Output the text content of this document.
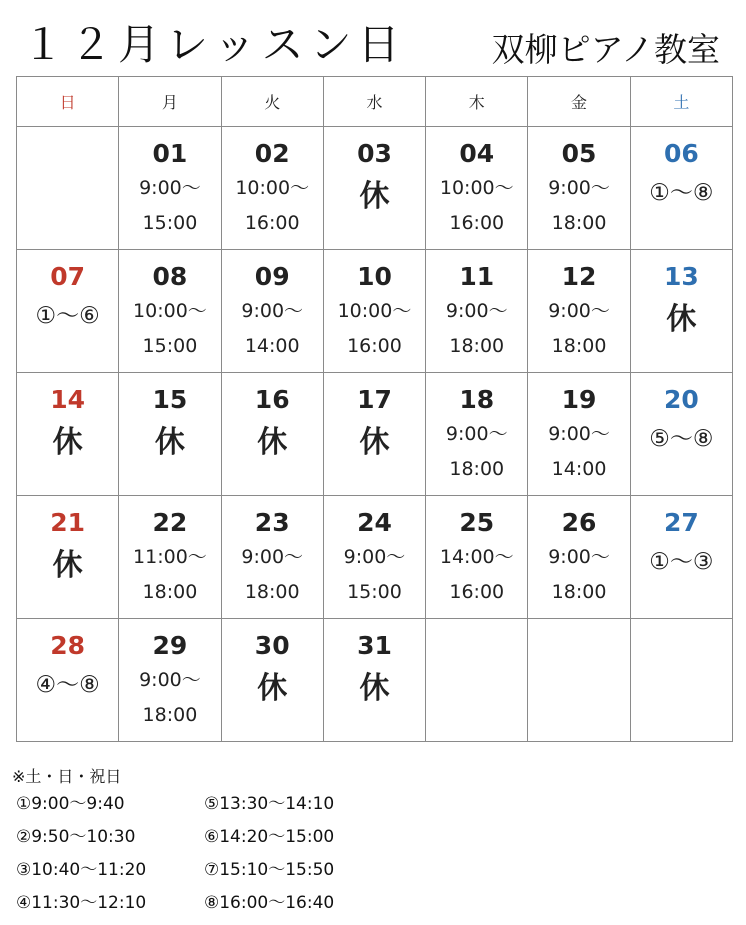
１２月レッスン日	双柳ピアノ教室
日	月	火	水	木	金	土

	01
9:00〜
15:00	02
10:00〜
16:00	03
休	04
10:00〜
16:00	05
9:00〜
18:00	06
①〜⑧

07
①〜⑥	08
10:00〜
15:00	09
9:00〜
14:00	10
10:00〜
16:00	11
9:00〜
18:00	12
9:00〜
18:00	13
休

14
休	15
休	16
休	17
休	18
9:00〜
18:00	19
9:00〜
14:00	20
⑤〜⑧

21
休	22
11:00〜
18:00	23
9:00〜
18:00	24
9:00〜
15:00	25
14:00〜
16:00	26
9:00〜
18:00	27
①〜③

28
④〜⑧	29
9:00〜
18:00	30
休	31
休			

※土・日・祝日
①9:00〜9:40	⑤13:30〜14:10
②9:50〜10:30	⑥14:20〜15:00
③10:40〜11:20	⑦15:10〜15:50
④11:30〜12:10	⑧16:00〜16:40
